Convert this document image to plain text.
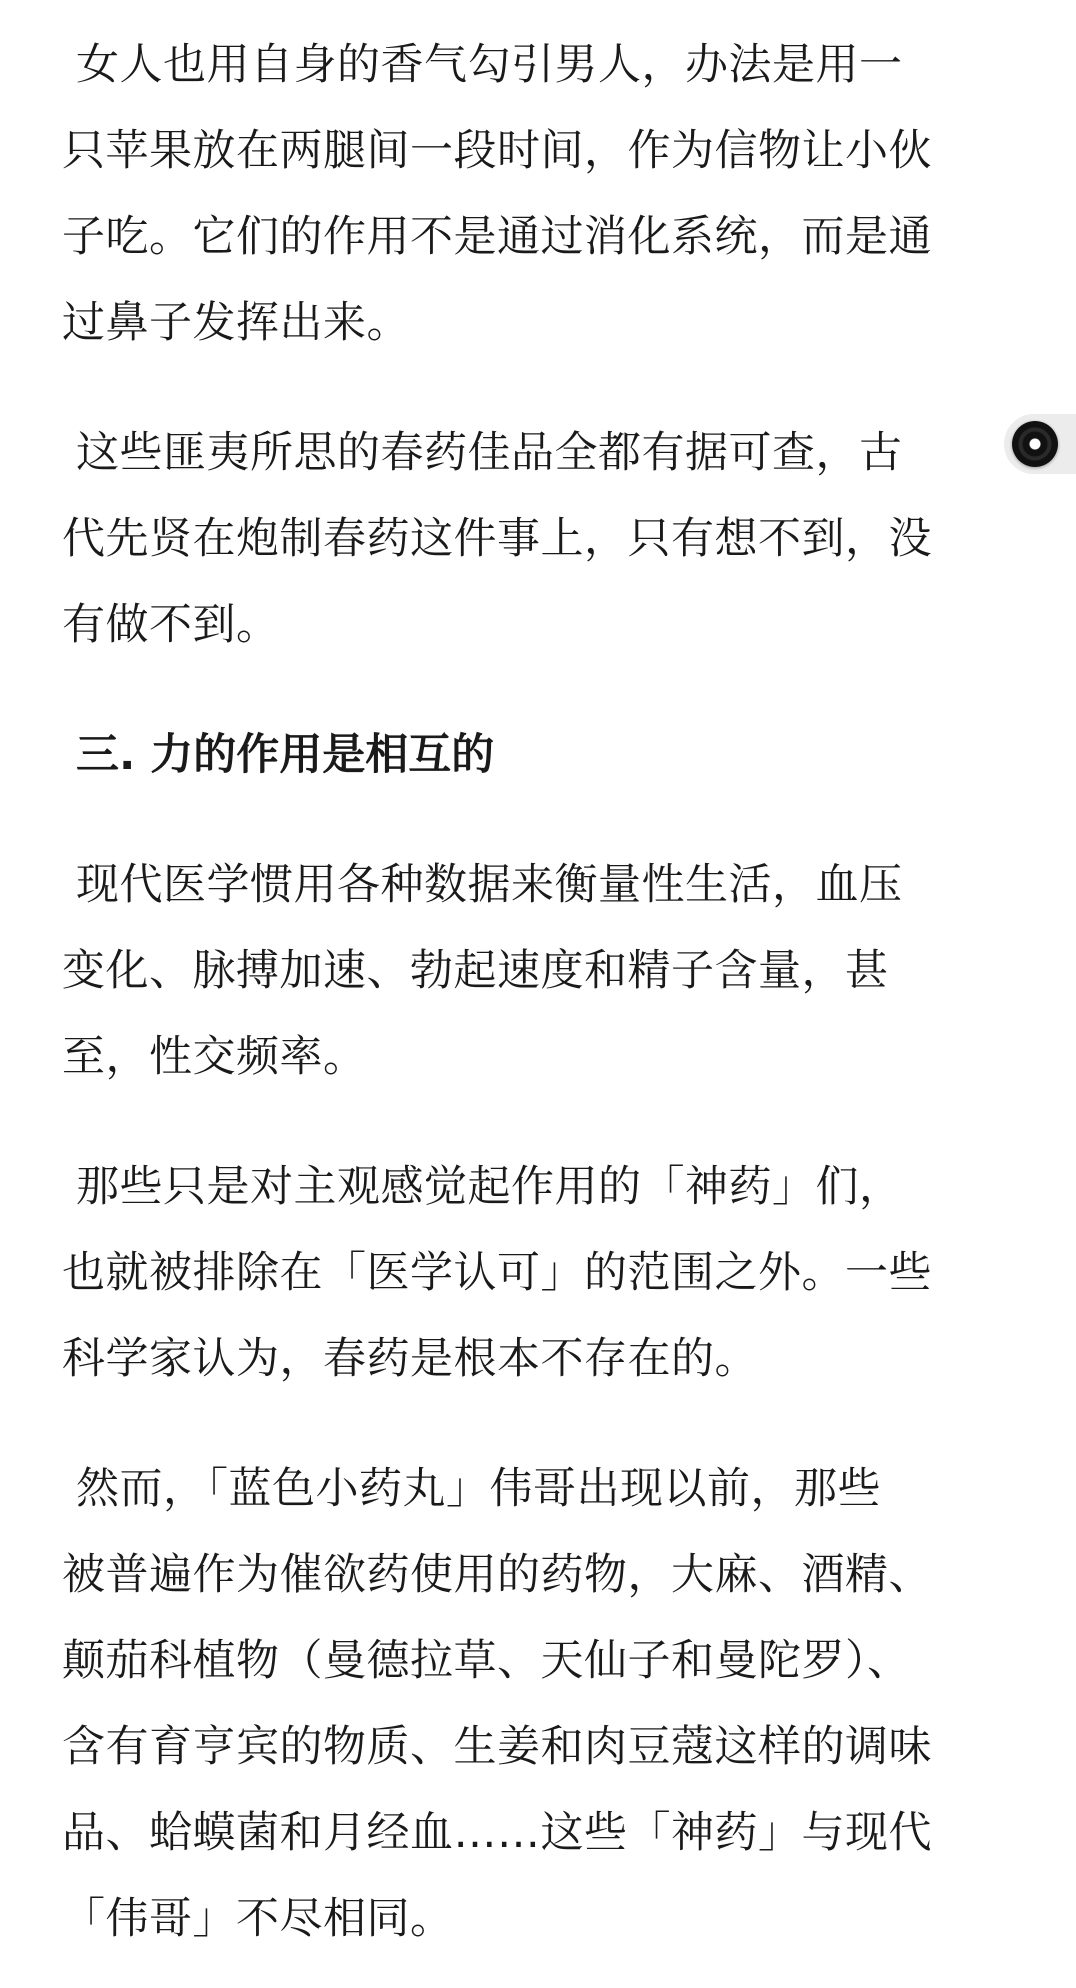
女人也用自身的香气勾引男人，办法是用一
只苹果放在两腿间一段时间，作为信物让小伙
子吃。它们的作用不是通过消化系统，而是通
过鼻子发挥出来。

这些匪夷所思的春药佳品全都有据可查，古
代先贤在炮制春药这件事上，只有想不到，没
有做不到。

三. 力的作用是相互的

现代医学惯用各种数据来衡量性生活，血压
变化、脉搏加速、勃起速度和精子含量，甚
至，性交频率。

那些只是对主观感觉起作用的「神药」们，
也就被排除在「医学认可」的范围之外。一些
科学家认为，春药是根本不存在的。

然而，「蓝色小药丸」伟哥出现以前，那些
被普遍作为催欲药使用的药物，大麻、酒精、
颠茄科植物（曼德拉草、天仙子和曼陀罗）、
含有育亨宾的物质、生姜和肉豆蔻这样的调味
品、蛤蟆菌和月经血……这些「神药」与现代
「伟哥」不尽相同。
